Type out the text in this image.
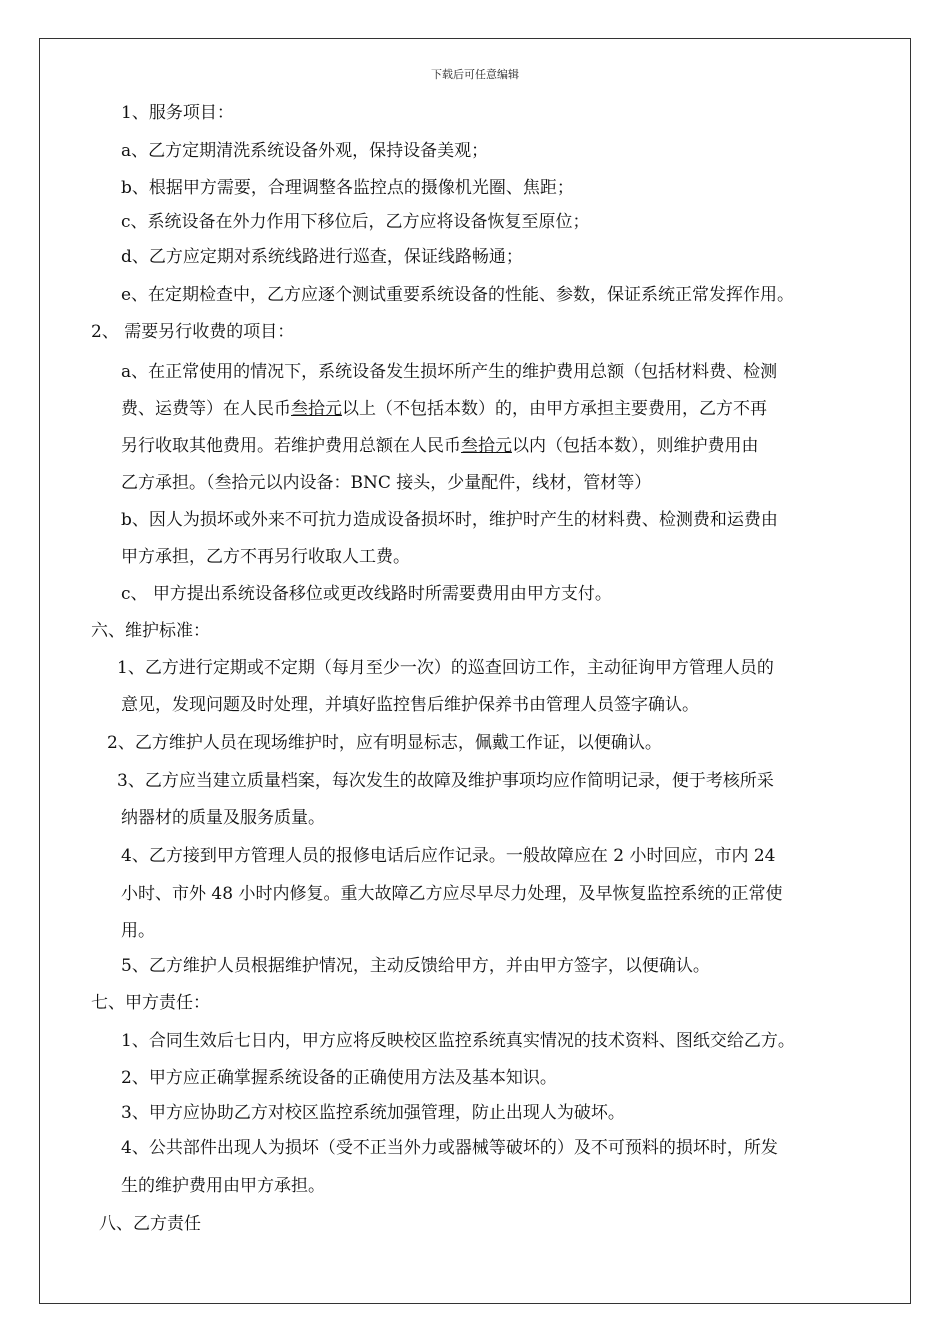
下载后可任意编辑
1、服务项目：
a、乙方定期清洗系统设备外观，保持设备美观；
b、根据甲方需要，合理调整各监控点的摄像机光圈、焦距；
c、系统设备在外力作用下移位后，乙方应将设备恢复至原位；
d、乙方应定期对系统线路进行巡查，保证线路畅通；
e、在定期检查中，乙方应逐个测试重要系统设备的性能、参数，保证系统正常发挥作用。
2、 需要另行收费的项目：
a、在正常使用的情况下，系统设备发生损坏所产生的维护费用总额（包括材料费、检测
费、运费等）在人民币叁拾元以上（不包括本数）的，由甲方承担主要费用，乙方不再
另行收取其他费用。若维护费用总额在人民币叁拾元以内（包括本数），则维护费用由
乙方承担。（叁拾元以内设备：BNC 接头，少量配件，线材，管材等）
b、因人为损坏或外来不可抗力造成设备损坏时，维护时产生的材料费、检测费和运费由
甲方承担，乙方不再另行收取人工费。
c、 甲方提出系统设备移位或更改线路时所需要费用由甲方支付。
六、维护标准：
1、乙方进行定期或不定期（每月至少一次）的巡查回访工作，主动征询甲方管理人员的
意见，发现问题及时处理，并填好监控售后维护保养书由管理人员签字确认。
2、乙方维护人员在现场维护时，应有明显标志，佩戴工作证，以便确认。
3、乙方应当建立质量档案，每次发生的故障及维护事项均应作简明记录，便于考核所采
纳器材的质量及服务质量。
4、乙方接到甲方管理人员的报修电话后应作记录。一般故障应在 2 小时回应，市内 24
小时、市外 48 小时内修复。重大故障乙方应尽早尽力处理，及早恢复监控系统的正常使
用。
5、乙方维护人员根据维护情况，主动反馈给甲方，并由甲方签字，以便确认。
七、甲方责任：
1、合同生效后七日内，甲方应将反映校区监控系统真实情况的技术资料、图纸交给乙方。
2、甲方应正确掌握系统设备的正确使用方法及基本知识。
3、甲方应协助乙方对校区监控系统加强管理，防止出现人为破坏。
4、公共部件出现人为损坏（受不正当外力或器械等破坏的）及不可预料的损坏时，所发
生的维护费用由甲方承担。
八、乙方责任
